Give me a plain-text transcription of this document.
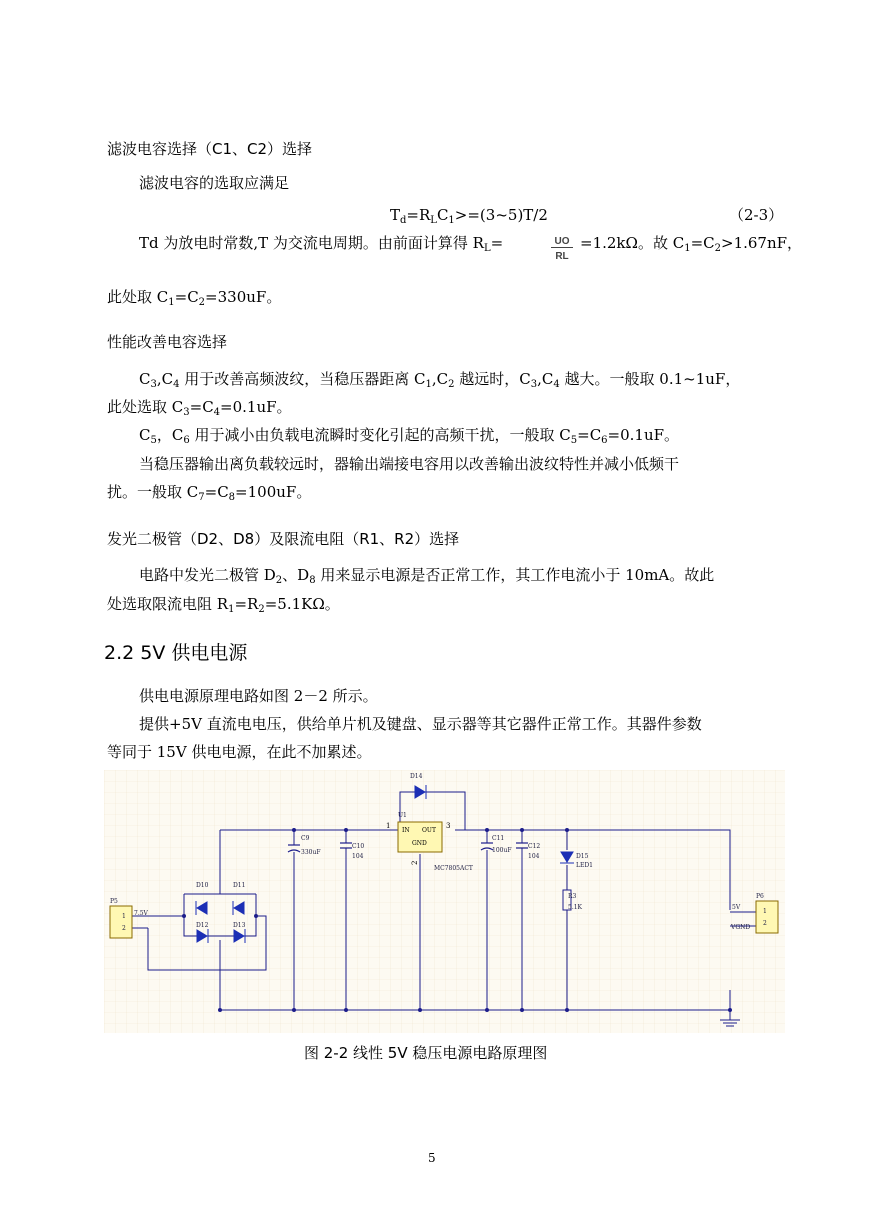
滤波电容选择（C1、C2）选择
滤波电容的选取应满足
$T_d=R_LC_1>=(3\sim 5)T/2$	（2-3）
Td 为放电时常数,T 为交流电周期。由前面计算得 $R_L=$	UO
RL
=1.2kΩ。故 $C_1=C_2>1.67nF$，
此处取 $C_1=C_2=330uF$。
性能改善电容选择
$C_3,C_4$ 用于改善高频波纹，当稳压器距离 $C_1,C_2$ 越远时，$C_3,C_4$ 越大。一般取 0.1~1uF，
此处选取 $C_3=C_4=0.1uF$。
$C_5$，$C_6$ 用于减小由负载电流瞬时变化引起的高频干扰，一般取 $C_5=C_6=0.1uF$。
当稳压器输出离负载较远时，器输出端接电容用以改善输出波纹特性并减小低频干
扰。一般取 $C_7=C_8=100uF$。
发光二极管（D2、D8）及限流电阻（R1、R2）选择
电路中发光二极管 $D_2$、$D_8$ 用来显示电源是否正常工作，其工作电流小于 10mA。故此
处选取限流电阻 $R_1=R_2=5.1K\Omega$。
2.2 5V 供电电源
供电电源原理电路如图 2－2 所示。
提供+5V 直流电电压，供给单片机及键盘、显示器等其它器件正常工作。其器件参数
等同于 15V 供电电源，在此不加累述。
D14
U1
1	3
2
IN OUT
GND
MC7805ACT
C9
330uF
C10
104
C11
100uF
C12
104	D15
LED1
R3
5.1K
P5
1
2
7.5V
D10	D11
D12	D13
P6
1
2
5V
VGND
图 2-2 线性 5V 稳压电源电路原理图
5
